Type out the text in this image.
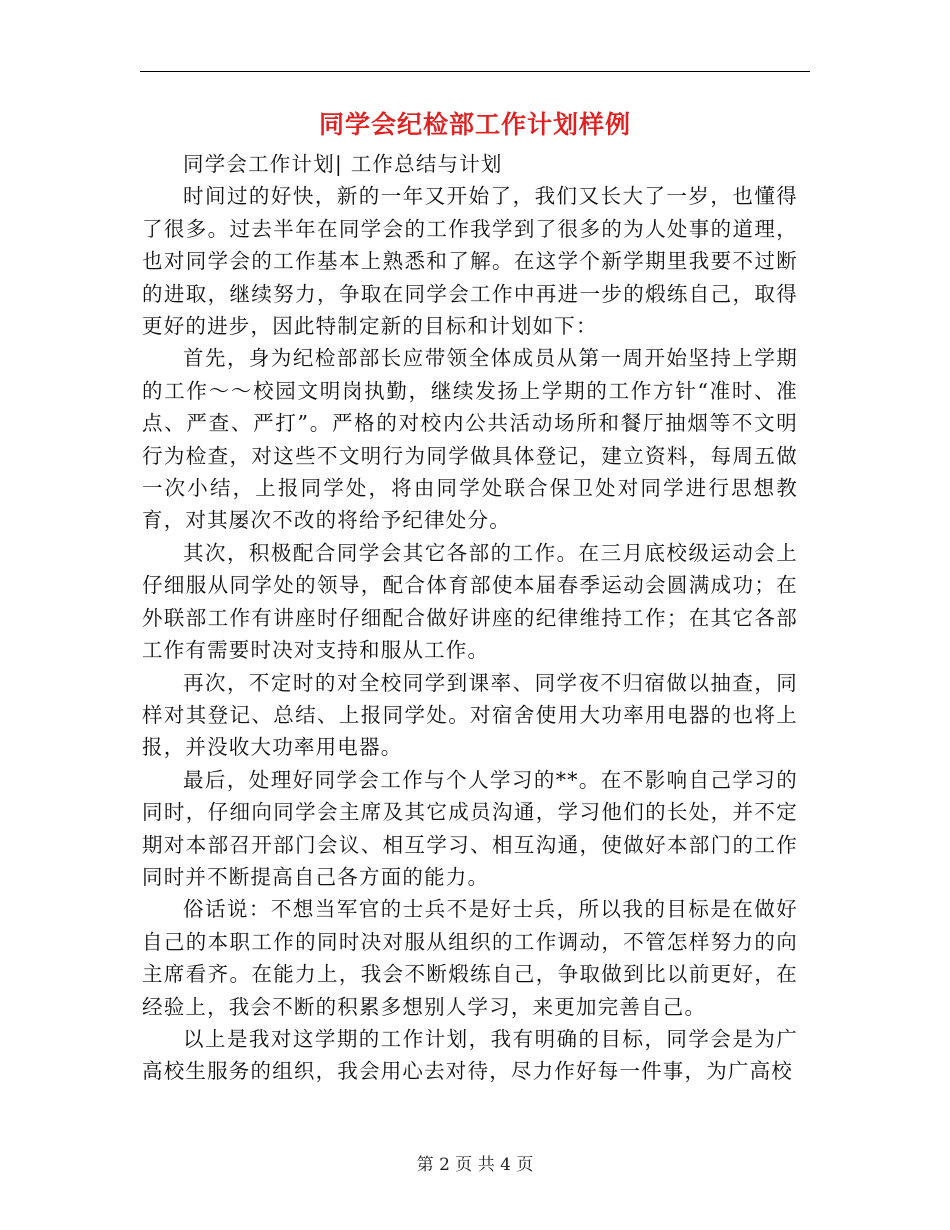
同学会纪检部工作计划样例

同学会工作计划| 工作总结与计划

时间过的好快，新的一年又开始了，我们又长大了一岁，也懂得了很多。过去半年在同学会的工作我学到了很多的为人处事的道理，也对同学会的工作基本上熟悉和了解。在这学个新学期里我要不过断的进取，继续努力，争取在同学会工作中再进一步的煅练自己，取得更好的进步，因此特制定新的目标和计划如下：

首先，身为纪检部部长应带领全体成员从第一周开始坚持上学期的工作～～校园文明岗执勤，继续发扬上学期的工作方针“准时、准点、严查、严打”。严格的对校内公共活动场所和餐厅抽烟等不文明行为检查，对这些不文明行为同学做具体登记，建立资料，每周五做一次小结，上报同学处，将由同学处联合保卫处对同学进行思想教育，对其屡次不改的将给予纪律处分。

其次，积极配合同学会其它各部的工作。在三月底校级运动会上仔细服从同学处的领导，配合体育部使本届春季运动会圆满成功；在外联部工作有讲座时仔细配合做好讲座的纪律维持工作；在其它各部工作有需要时决对支持和服从工作。

再次，不定时的对全校同学到课率、同学夜不归宿做以抽查，同样对其登记、总结、上报同学处。对宿舍使用大功率用电器的也将上报，并没收大功率用电器。

最后，处理好同学会工作与个人学习的**。在不影响自己学习的同时，仔细向同学会主席及其它成员沟通，学习他们的长处，并不定期对本部召开部门会议、相互学习、相互沟通，使做好本部门的工作同时并不断提高自己各方面的能力。

俗话说：不想当军官的士兵不是好士兵，所以我的目标是在做好自己的本职工作的同时决对服从组织的工作调动，不管怎样努力的向主席看齐。在能力上，我会不断煅练自己，争取做到比以前更好，在经验上，我会不断的积累多想别人学习，来更加完善自己。

以上是我对这学期的工作计划，我有明确的目标，同学会是为广高校生服务的组织，我会用心去对待，尽力作好每一件事，为广高校

第 2 页 共 4 页
